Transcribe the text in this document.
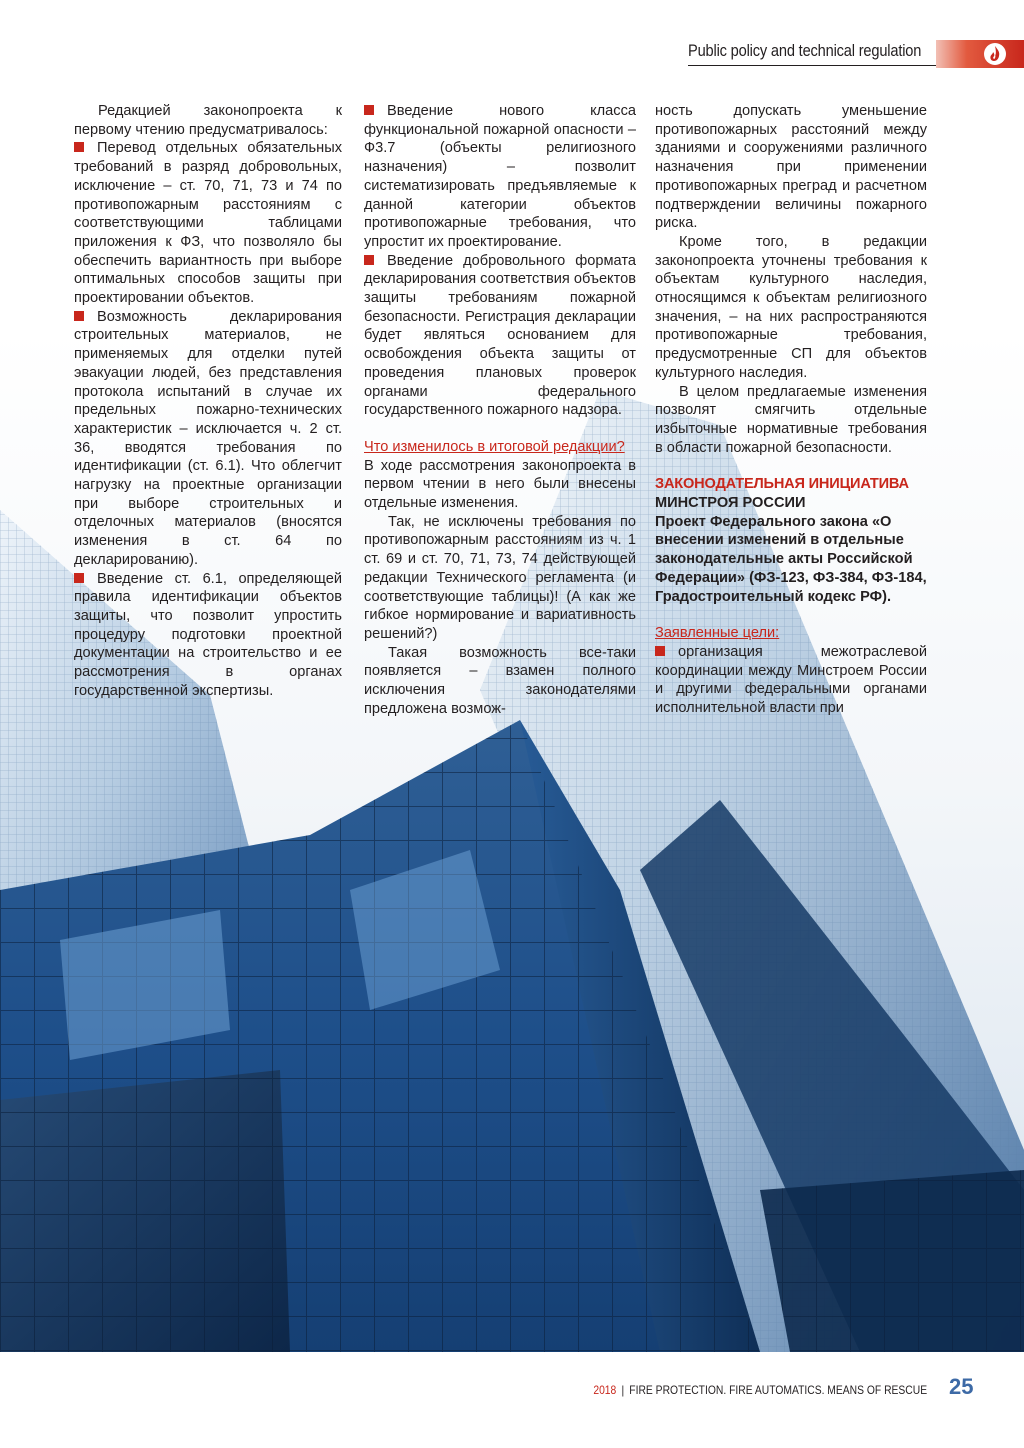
Public policy and technical regulation

Редакцией законопроекта к первому чтению предусматривалось:

Перевод отдельных обязательных требований в разряд добровольных, исключение – ст. 70, 71, 73 и 74 по противопожарным расстояниям с соответствующими таблицами приложения к ФЗ, что позволяло бы обеспечить вариантность при выборе оптимальных способов защиты при проектировании объектов.

Возможность декларирования строительных материалов, не применяемых для отделки путей эвакуации людей, без представления протокола испытаний в случае их предельных пожарно-технических характеристик – исключается ч. 2 ст. 36, вводятся требования по идентификации (ст. 6.1). Что облегчит нагрузку на проектные организации при выборе строительных и отделочных материалов (вносятся изменения в ст. 64 по декларированию).

Введение ст. 6.1, определяющей правила идентификации объектов защиты, что позволит упростить процедуру подготовки проектной документации на строительство и ее рассмотрения в органах государственной экспертизы.

Введение нового класса функциональной пожарной опасности – Ф3.7 (объекты религиозного назначения) – позволит систематизировать предъявляемые к данной категории объектов противопожарные требования, что упростит их проектирование.

Введение добровольного формата декларирования соответствия объектов защиты требованиям пожарной безопасности. Регистрация декларации будет являться основанием для освобождения объекта защиты от проведения плановых проверок органами федерального государственного пожарного надзора.

Что изменилось в итоговой редакции?

В ходе рассмотрения законопроекта в первом чтении в него были внесены отдельные изменения.

Так, не исключены требования по противопожарным расстояниям из ч. 1 ст. 69 и ст. 70, 71, 73, 74 действующей редакции Технического регламента (и соответствующие таблицы)! (А как же гибкое нормирование и вариативность решений?)

Такая возможность все-таки появляется – взамен полного исключения законодателями предложена возмож-

ность допускать уменьшение противопожарных расстояний между зданиями и сооружениями различного назначения при применении противопожарных преград и расчетном подтверждении величины пожарного риска.

Кроме того, в редакции законопроекта уточнены требования к объектам культурного наследия, относящимся к объектам религиозного значения, – на них распространяются противопожарные требования, предусмотренные СП для объектов культурного наследия.

В целом предлагаемые изменения позволят смягчить отдельные избыточные нормативные требования в области пожарной безопасности.

ЗАКОНОДАТЕЛЬНАЯ ИНИЦИАТИВА

МИНСТРОЯ РОССИИ

Проект Федерального закона «О внесении изменений в отдельные законодательные акты Российской Федерации» (ФЗ-123, ФЗ-384, ФЗ-184, Градостроительный кодекс РФ).

Заявленные цели:

организация межотраслевой координации между Минстроем России и другими федеральными органами исполнительной власти при

2018 | FIRE PROTECTION. FIRE AUTOMATICS. MEANS OF RESCUE 25
